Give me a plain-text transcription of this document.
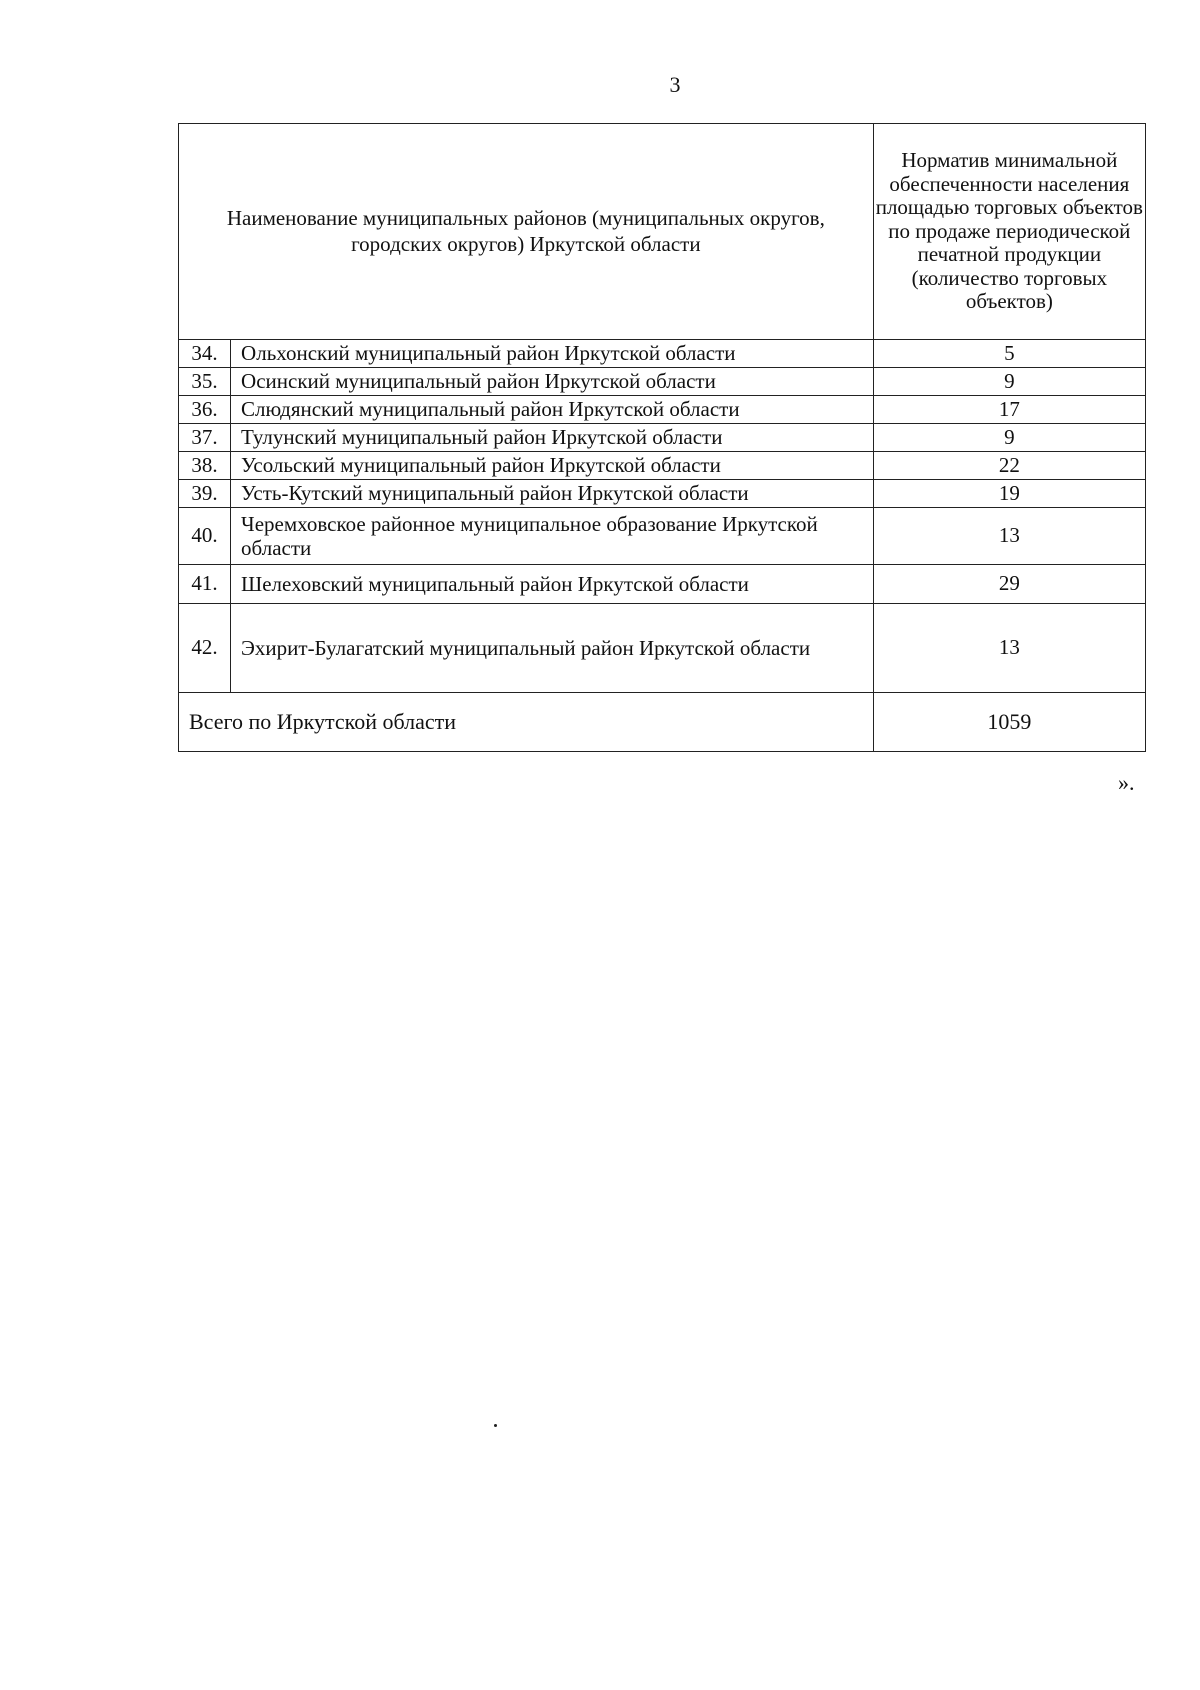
3
Наименование муниципальных районов (муниципальных округов, городских округов) Иркутской области		Норматив минимальной обеспеченности населения площадью торговых объектов по продаже периодической печатной продукции (количество торговых объектов)
34.	Ольхонский муниципальный район Иркутской области	5
35.	Осинский муниципальный район Иркутской области	9
36.	Слюдянский муниципальный район Иркутской области	17
37.	Тулунский муниципальный район Иркутской области	9
38.	Усольский муниципальный район Иркутской области	22
39.	Усть-Кутский муниципальный район Иркутской области	19
40.	Черемховское районное муниципальное образование Иркутской области	13
41.	Шелеховский муниципальный район Иркутской области	29
42.	Эхирит-Булагатский муниципальный район Иркутской области	13
Всего по Иркутской области		1059
».
